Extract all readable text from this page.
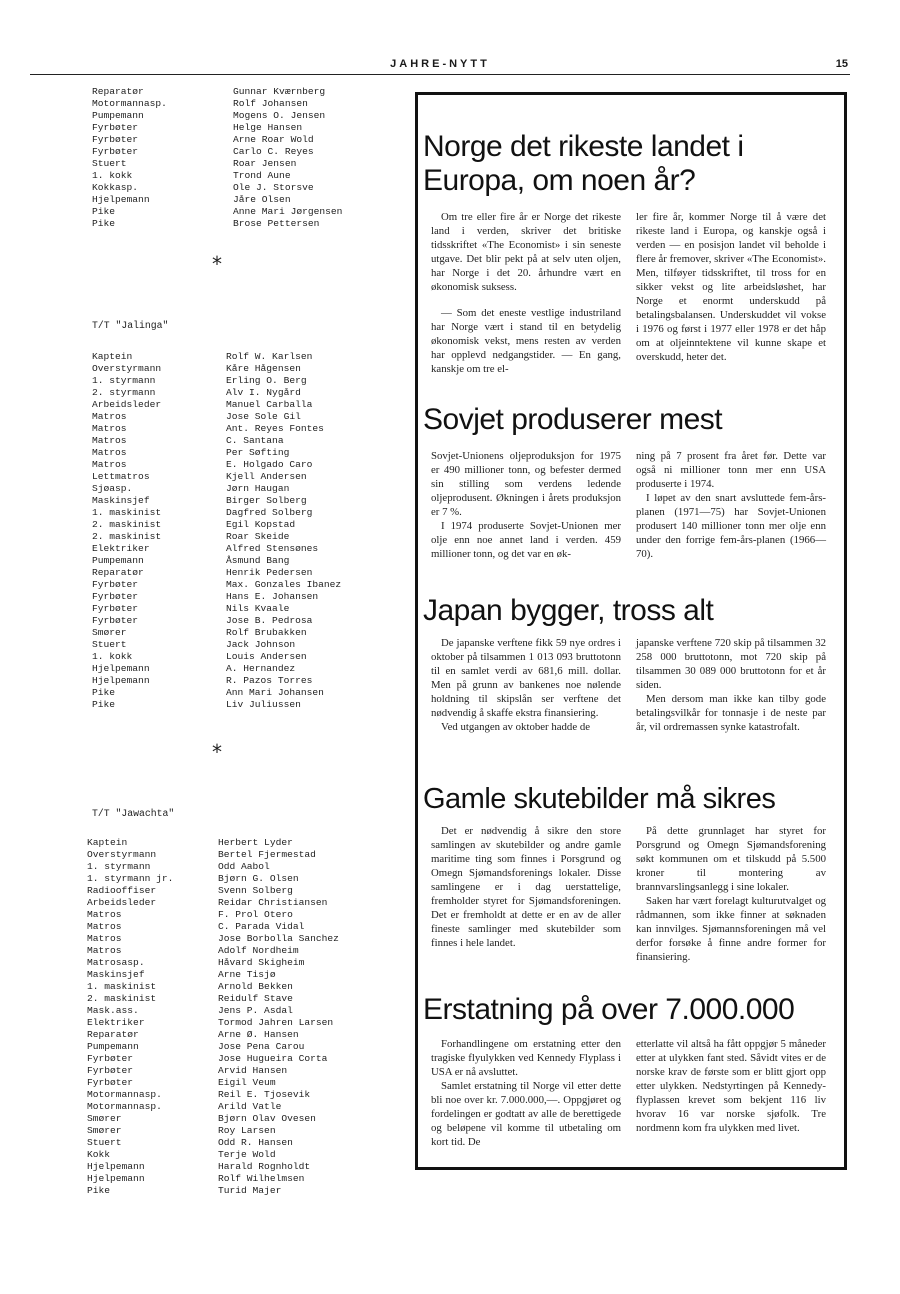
JAHRE-NYTT	15
Reparatør	Gunnar Kværnberg
Motormannasp.	Rolf Johansen
Pumpemann	Mogens O. Jensen
Fyrbøter	Helge Hansen
Fyrbøter	Arne Roar Wold
Fyrbøter	Carlo C. Reyes
Stuert	Roar Jensen
1. kokk	Trond Aune
Kokkasp.	Ole J. Storsve
Hjelpemann	Jåre Olsen
Pike	Anne Mari Jørgensen
Pike	Brose Pettersen
*
T/T "Jalinga"
Kaptein	Rolf W. Karlsen
Overstyrmann	Kåre Hågensen
1. styrmann	Erling O. Berg
2. styrmann	Alv I. Nygård
Arbeidsleder	Manuel Carballa
Matros	Jose Sole Gil
Matros	Ant. Reyes Fontes
Matros	C. Santana
Matros	Per Søfting
Matros	E. Holgado Caro
Lettmatros	Kjell Andersen
Sjøasp.	Jørn Haugan
Maskinsjef	Birger Solberg
1. maskinist	Dagfred Solberg
2. maskinist	Egil Kopstad
2. maskinist	Roar Skeide
Elektriker	Alfred Stensønes
Pumpemann	Åsmund Bang
Reparatør	Henrik Pedersen
Fyrbøter	Max. Gonzales Ibanez
Fyrbøter	Hans E. Johansen
Fyrbøter	Nils Kvaale
Fyrbøter	Jose B. Pedrosa
Smører	Rolf Brubakken
Stuert	Jack Johnson
1. kokk	Louis Andersen
Hjelpemann	A. Hernandez
Hjelpemann	R. Pazos Torres
Pike	Ann Mari Johansen
Pike	Liv Juliussen
*
T/T "Jawachta"
Kaptein	Herbert Lyder
Overstyrmann	Bertel Fjermestad
1. styrmann	Odd Aabol
1. styrmann jr.	Bjørn G. Olsen
Radiooffiser	Svenn Solberg
Arbeidsleder	Reidar Christiansen
Matros	F. Prol Otero
Matros	C. Parada Vidal
Matros	Jose Borbolla Sanchez
Matros	Adolf Nordheim
Matrosasp.	Håvard Skigheim
Maskinsjef	Arne Tisjø
1. maskinist	Arnold Bekken
2. maskinist	Reidulf Stave
Mask.ass.	Jens P. Asdal
Elektriker	Tormod Jahren Larsen
Reparatør	Arne Ø. Hansen
Pumpemann	Jose Pena Carou
Fyrbøter	Jose Hugueira Corta
Fyrbøter	Arvid Hansen
Fyrbøter	Eigil Veum
Motormannasp.	Reil E. Tjosevik
Motormannasp.	Arild Vatle
Smører	Bjørn Olav Ovesen
Smører	Roy Larsen
Stuert	Odd R. Hansen
Kokk	Terje Wold
Hjelpemann	Harald Rognholdt
Hjelpemann	Rolf Wilhelmsen
Pike	Turid Majer
Norge det rikeste landet i Europa, om noen år?

Om tre eller fire år er Norge det rikeste land i verden, skriver det britiske tidsskriftet «The Economist» i sin seneste utgave. Det blir pekt på at selv uten oljen, har Norge i det 20. århundre vært en økonomisk suksess.

— Som det eneste vestlige industriland har Norge vært i stand til en betydelig økonomisk vekst, mens resten av verden har opplevd nedgangstider. — En gang, kanskje om tre el-

ler fire år, kommer Norge til å være det rikeste land i Europa, og kanskje også i verden — en posisjon landet vil beholde i flere år fremover, skriver «The Economist». Men, tilføyer tidsskriftet, til tross for en sikker vekst og lite arbeidsløshet, har Norge et enormt underskudd på betalingsbalansen. Underskuddet vil vokse i 1976 og først i 1977 eller 1978 er det håp om at oljeinntektene vil kunne skape et overskudd, heter det.

Sovjet produserer mest

Sovjet-Unionens oljeproduksjon for 1975 er 490 millioner tonn, og befester dermed sin stilling som verdens ledende oljeprodusent. Økningen i årets produksjon er 7 %.

I 1974 produserte Sovjet-Unionen mer olje enn noe annet land i verden. 459 millioner tonn, og det var en øk-

ning på 7 prosent fra året før. Dette var også ni millioner tonn mer enn USA produserte i 1974.

I løpet av den snart avsluttede fem-års-planen (1971—75) har Sovjet-Unionen produsert 140 millioner tonn mer olje enn under den forrige fem-års-planen (1966—70).

Japan bygger, tross alt

De japanske verftene fikk 59 nye ordres i oktober på tilsammen 1 013 093 bruttotonn til en samlet verdi av 681,6 mill. dollar. Men på grunn av bankenes noe nølende holdning til skipslån ser verftene det nødvendig å skaffe ekstra finansiering.

Ved utgangen av oktober hadde de

japanske verftene 720 skip på tilsammen 32 258 000 bruttotonn, mot 720 skip på tilsammen 30 089 000 bruttotonn for et år siden.

Men dersom man ikke kan tilby gode betalingsvilkår for tonnasje i de neste par år, vil ordremassen synke katastrofalt.

Gamle skutebilder må sikres

Det er nødvendig å sikre den store samlingen av skutebilder og andre gamle maritime ting som finnes i Porsgrund og Omegn Sjømandsforenings lokaler. Disse samlingene er i dag uerstattelige, fremholder styret for Sjømandsforeningen. Det er fremholdt at dette er en av de aller fineste samlinger med skutebilder som finnes i hele landet.

På dette grunnlaget har styret for Porsgrund og Omegn Sjømandsforening søkt kommunen om et tilskudd på 5.500 kroner til montering av brannvarslingsanlegg i sine lokaler.

Saken har vært forelagt kulturutvalget og rådmannen, som ikke finner at søknaden kan innvilges. Sjømannsforeningen må vel derfor forsøke å finne andre former for finansiering.

Erstatning på over 7.000.000

Forhandlingene om erstatning etter den tragiske flyulykken ved Kennedy Flyplass i USA er nå avsluttet.

Samlet erstatning til Norge vil etter dette bli noe over kr. 7.000.000,—. Oppgjøret og fordelingen er godtatt av alle de berettigede og beløpene vil komme til utbetaling om kort tid. De

etterlatte vil altså ha fått oppgjør 5 måneder etter at ulykken fant sted. Såvidt vites er de norske krav de første som er blitt gjort opp etter ulykken. Nedstyrtingen på Kennedy-flyplassen krevet som bekjent 116 liv hvorav 16 var norske sjøfolk. Tre nordmenn kom fra ulykken med livet.
